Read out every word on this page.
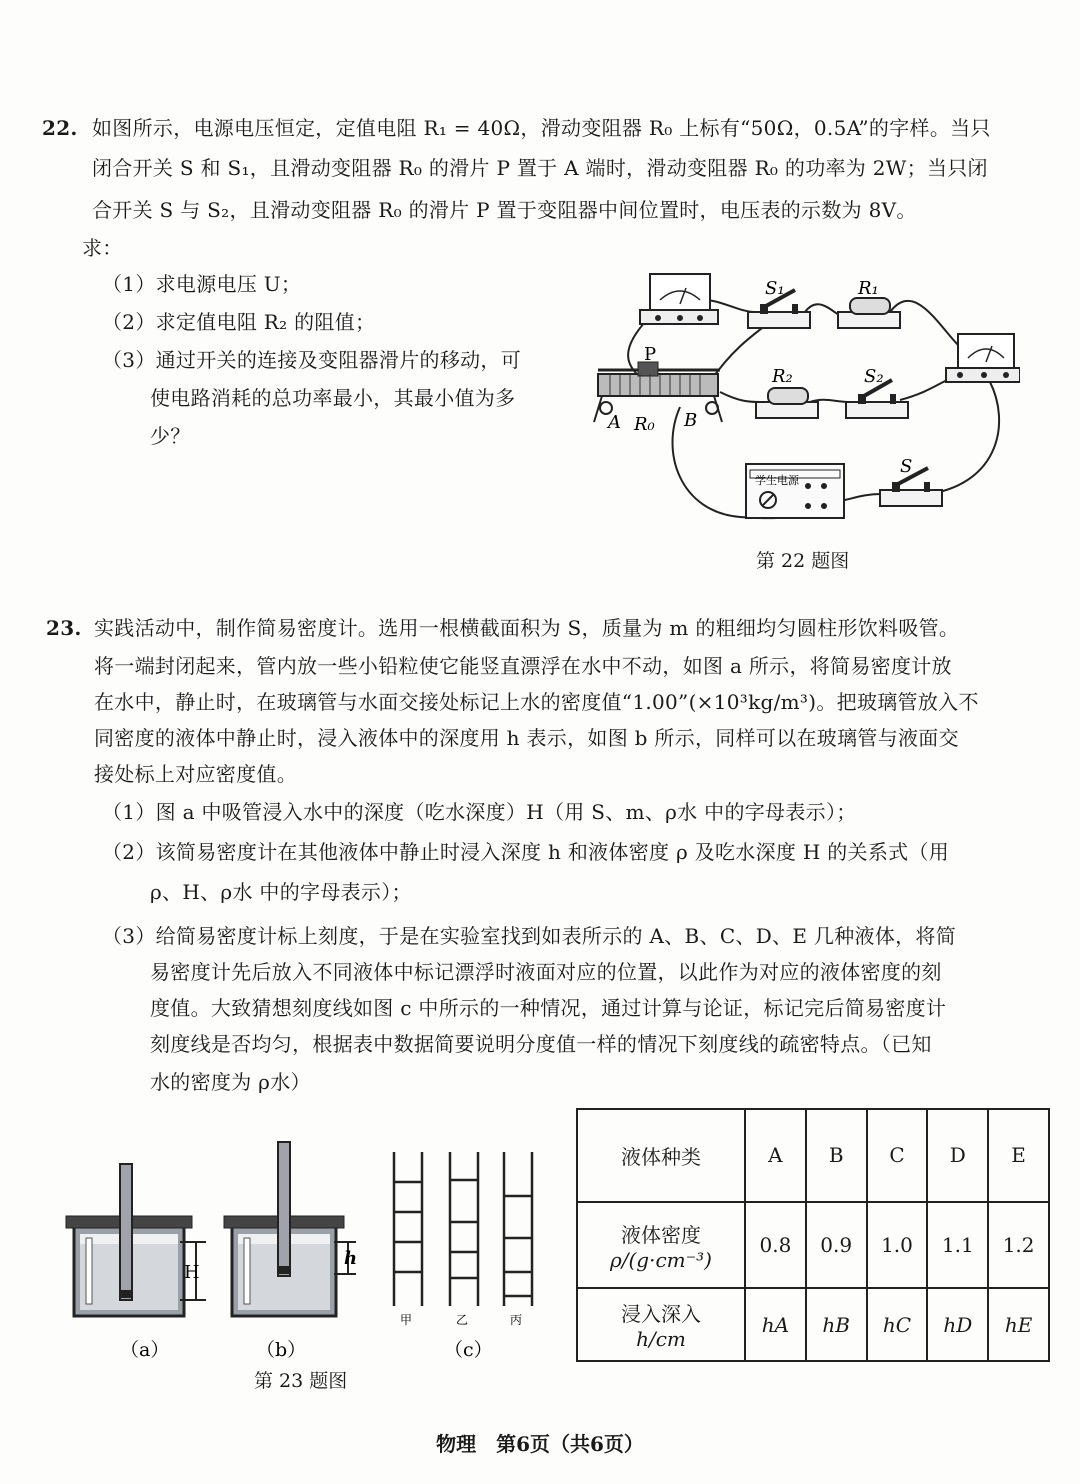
22. 如图所示，电源电压恒定，定值电阻 R₁ = 40Ω，滑动变阻器 R₀ 上标有“50Ω，0.5A”的字样。当只
闭合开关 S 和 S₁，且滑动变阻器 R₀ 的滑片 P 置于 A 端时，滑动变阻器 R₀ 的功率为 2W；当只闭
合开关 S 与 S₂，且滑动变阻器 R₀ 的滑片 P 置于变阻器中间位置时，电压表的示数为 8V。
求：
（1）求电源电压 U；
（2）求定值电阻 R₂ 的阻值；
（3）通过开关的连接及变阻器滑片的移动，可
使电路消耗的总功率最小，其最小值为多
少？
S₁	R₁
P
A R₀ B
R₂	S₂
学生电源
S
第 22 题图
23. 实践活动中，制作简易密度计。选用一根横截面积为 S，质量为 m 的粗细均匀圆柱形饮料吸管。
将一端封闭起来，管内放一些小铅粒使它能竖直漂浮在水中不动，如图 a 所示，将简易密度计放
在水中，静止时，在玻璃管与水面交接处标记上水的密度值“1.00”(×10³kg/m³)。把玻璃管放入不
同密度的液体中静止时，浸入液体中的深度用 h 表示，如图 b 所示，同样可以在玻璃管与液面交
接处标上对应密度值。
（1）图 a 中吸管浸入水中的深度（吃水深度）H（用 S、m、ρ水 中的字母表示）；
（2）该简易密度计在其他液体中静止时浸入深度 h 和液体密度 ρ 及吃水深度 H 的关系式（用
ρ、H、ρ水 中的字母表示）；
（3）给简易密度计标上刻度，于是在实验室找到如表所示的 A、B、C、D、E 几种液体，将简
易密度计先后放入不同液体中标记漂浮时液面对应的位置，以此作为对应的液体密度的刻
度值。大致猜想刻度线如图 c 中所示的一种情况，通过计算与论证，标记完后简易密度计
刻度线是否均匀，根据表中数据简要说明分度值一样的情况下刻度线的疏密特点。（已知
水的密度为 ρ水）
H
（a）
h
（b）
甲	乙	丙
（c）
第 23 题图
液体种类	A	B	C	D	E

液体密度
ρ/(g·cm⁻³)	0.8	0.9	1.0	1.1	1.2

浸入深入
h/cm	hA	hB	hC	hD	hE
物理　第6页（共6页）
